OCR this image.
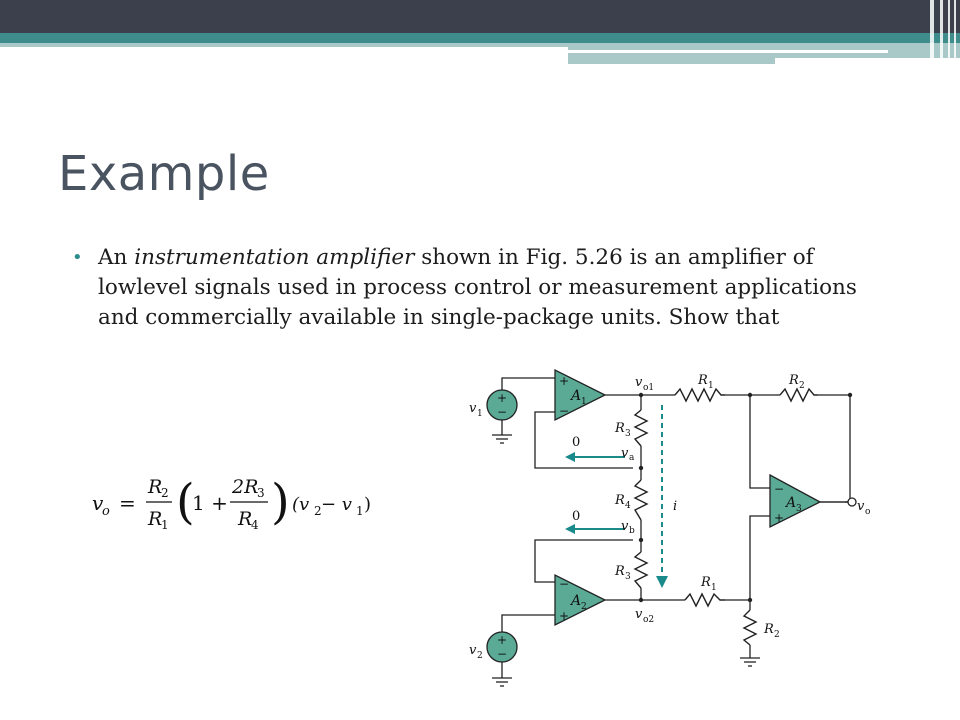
Example
• An instrumentation amplifier shown in Fig. 5.26 is an amplifier of lowlevel signals used in process control or measurement applications and commercially available in single-package units. Show that
v
o =
R
2
R
1 (
1 +
2R
3
R
4 ) (v 2 − v 1 )
+
−
+
−
+
−
A 1
−
+
A 2
−
+
A 3
v 1
v 2
v o1
v o2
v a
v b
v o
R 1	R 2
R 3
R 4
R 3	R 1
R 2
i
0
0
